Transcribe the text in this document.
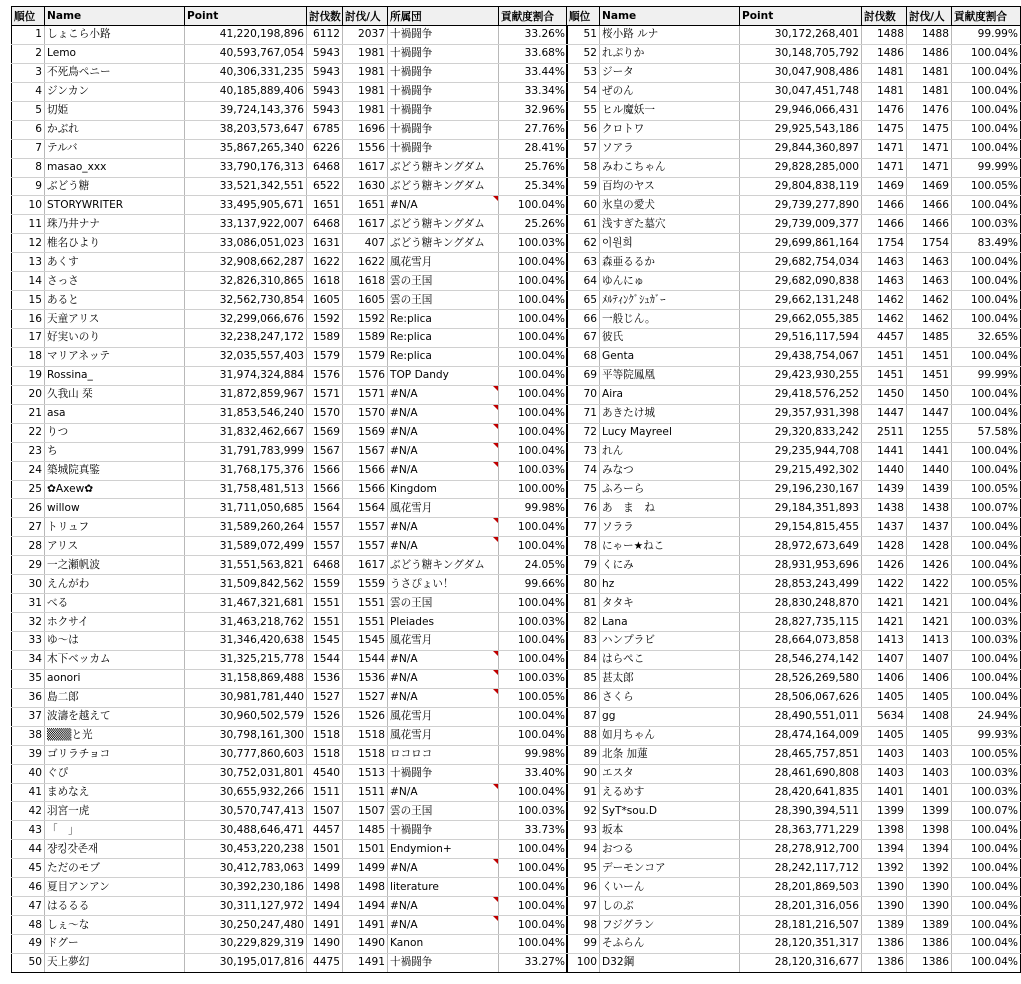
順位	Name	Point	討伐数	討伐/人	所属団	貢献度割合
1	しょこら小路	41,220,198,896	6112	2037	十禍闘争	33.26%
2	Lemo	40,593,767,054	5943	1981	十禍闘争	33.68%
3	不死鳥ペニー	40,306,331,235	5943	1981	十禍闘争	33.44%
4	ジンカン	40,185,889,406	5943	1981	十禍闘争	33.34%
5	切姫	39,724,143,376	5943	1981	十禍闘争	32.96%
6	かぶれ	38,203,573,647	6785	1696	十禍闘争	27.76%
7	テルバ	35,867,265,340	6226	1556	十禍闘争	28.41%
8	masao_xxx	33,790,176,313	6468	1617	ぶどう糖キングダム	25.76%
9	ぶどう糖	33,521,342,551	6522	1630	ぶどう糖キングダム	25.34%
10	STORYWRITER	33,495,905,671	1651	1651	#N/A	100.04%
11	珠乃井ナナ	33,137,922,007	6468	1617	ぶどう糖キングダム	25.26%
12	椎名ひより	33,086,051,023	1631	407	ぶどう糖キングダム	100.03%
13	あくす	32,908,662,287	1622	1622	風花雪月	100.04%
14	さっさ	32,826,310,865	1618	1618	雲の王国	100.04%
15	あると	32,562,730,854	1605	1605	雲の王国	100.04%
16	天童アリス	32,299,066,676	1592	1592	Re:plica	100.04%
17	好実いのり	32,238,247,172	1589	1589	Re:plica	100.04%
18	マリアネッテ	32,035,557,403	1579	1579	Re:plica	100.04%
19	Rossina_	31,974,324,884	1576	1576	TOP Dandy	100.04%
20	久我山 栞	31,872,859,967	1571	1571	#N/A	100.04%
21	asa	31,853,546,240	1570	1570	#N/A	100.04%
22	りつ	31,832,462,667	1569	1569	#N/A	100.04%
23	ち	31,791,783,999	1567	1567	#N/A	100.04%
24	築城院真鍳	31,768,175,376	1566	1566	#N/A	100.03%
25	✿Axew✿	31,758,481,513	1566	1566	Kingdom	100.00%
26	willow	31,711,050,685	1564	1564	風花雪月	99.98%
27	トリュフ	31,589,260,264	1557	1557	#N/A	100.04%
28	アリス	31,589,072,499	1557	1557	#N/A	100.04%
29	一之瀬帆波	31,551,563,821	6468	1617	ぶどう糖キングダム	24.05%
30	えんがわ	31,509,842,562	1559	1559	うさぴょい！	99.66%
31	べる	31,467,321,681	1551	1551	雲の王国	100.04%
32	ホクサイ	31,463,218,762	1551	1551	Pleiades	100.03%
33	ゆ～は	31,346,420,638	1545	1545	風花雪月	100.04%
34	木下ベッカム	31,325,215,778	1544	1544	#N/A	100.04%
35	aonori	31,158,869,488	1536	1536	#N/A	100.03%
36	島二郎	30,981,781,440	1527	1527	#N/A	100.05%
37	波濤を越えて	30,960,502,579	1526	1526	風花雪月	100.04%
38	▒▒▒と光	30,798,161,300	1518	1518	風花雪月	100.04%
39	ゴリラチョコ	30,777,860,603	1518	1518	ロコロコ	99.98%
40	ぐぴ	30,752,031,801	4540	1513	十禍闘争	33.40%
41	まめなえ	30,655,932,266	1511	1511	#N/A	100.04%
42	羽宮一虎	30,570,747,413	1507	1507	雲の王国	100.03%
43	「　」	30,488,646,471	4457	1485	十禍闘争	33.73%
44	쟝킹갓존재	30,453,220,238	1501	1501	Endymion+	100.04%
45	ただのモブ	30,412,783,063	1499	1499	#N/A	100.04%
46	夏目アンアン	30,392,230,186	1498	1498	literature	100.04%
47	はるるる	30,311,127,972	1494	1494	#N/A	100.04%
48	しぇ～な	30,250,247,480	1491	1491	#N/A	100.04%
49	ドグー	30,229,829,319	1490	1490	Kanon	100.04%
50	天上夢幻	30,195,017,816	4475	1491	十禍闘争	33.27%
順位	Name	Point	討伐数	討伐/人	貢献度割合
51	桜小路 ルナ	30,172,268,401	1488	1488	99.99%
52	れぷりか	30,148,705,792	1486	1486	100.04%
53	ジータ	30,047,908,486	1481	1481	100.04%
54	ぜのん	30,047,451,748	1481	1481	100.04%
55	ヒル魔妖一	29,946,066,431	1476	1476	100.04%
56	クロトワ	29,925,543,186	1475	1475	100.04%
57	ソアラ	29,844,360,897	1471	1471	100.04%
58	みわこちゃん	29,828,285,000	1471	1471	99.99%
59	百均のヤス	29,804,838,119	1469	1469	100.05%
60	氷皇の愛犬	29,739,277,890	1466	1466	100.04%
61	浅すぎた墓穴	29,739,009,377	1466	1466	100.03%
62	이원희	29,699,861,164	1754	1754	83.49%
63	森亜るるか	29,682,754,034	1463	1463	100.04%
64	ゆんにゅ	29,682,090,838	1463	1463	100.04%
65	ﾒﾙﾃｨﾝｸﾞｼｭｶﾞｰ	29,662,131,248	1462	1462	100.04%
66	一般じん。	29,662,055,385	1462	1462	100.04%
67	彼氏	29,516,117,594	4457	1485	32.65%
68	Genta	29,438,754,067	1451	1451	100.04%
69	平等院鳳凰	29,423,930,255	1451	1451	99.99%
70	Aira	29,418,576,252	1450	1450	100.04%
71	あきたけ城	29,357,931,398	1447	1447	100.04%
72	Lucy Mayreel	29,320,833,242	2511	1255	57.58%
73	れん	29,235,944,708	1441	1441	100.04%
74	みなつ	29,215,492,302	1440	1440	100.04%
75	ふろーら	29,196,230,167	1439	1439	100.05%
76	あ　ま　ね	29,184,351,893	1438	1438	100.07%
77	ソララ	29,154,815,455	1437	1437	100.04%
78	にゃー★ねこ	28,972,673,649	1428	1428	100.04%
79	くにみ	28,931,953,696	1426	1426	100.04%
80	hz	28,853,243,499	1422	1422	100.05%
81	タタキ	28,830,248,870	1421	1421	100.04%
82	Lana	28,827,735,115	1421	1421	100.03%
83	ハンプラビ	28,664,073,858	1413	1413	100.03%
84	はらぺこ	28,546,274,142	1407	1407	100.04%
85	甚太郎	28,526,269,580	1406	1406	100.04%
86	さくら	28,506,067,626	1405	1405	100.04%
87	gg	28,490,551,011	5634	1408	24.94%
88	如月ちゃん	28,474,164,009	1405	1405	99.93%
89	北条 加蓮	28,465,757,851	1403	1403	100.05%
90	エスタ	28,461,690,808	1403	1403	100.03%
91	えるめす	28,420,641,835	1401	1401	100.03%
92	SyT*sou.D	28,390,394,511	1399	1399	100.07%
93	坂本	28,363,771,229	1398	1398	100.04%
94	おつる	28,278,912,700	1394	1394	100.04%
95	デーモンコア	28,242,117,712	1392	1392	100.04%
96	くいーん	28,201,869,503	1390	1390	100.04%
97	しのぶ	28,201,316,056	1390	1390	100.04%
98	フジグラン	28,181,216,507	1389	1389	100.04%
99	そふらん	28,120,351,317	1386	1386	100.04%
100	D32鋼	28,120,316,677	1386	1386	100.04%
